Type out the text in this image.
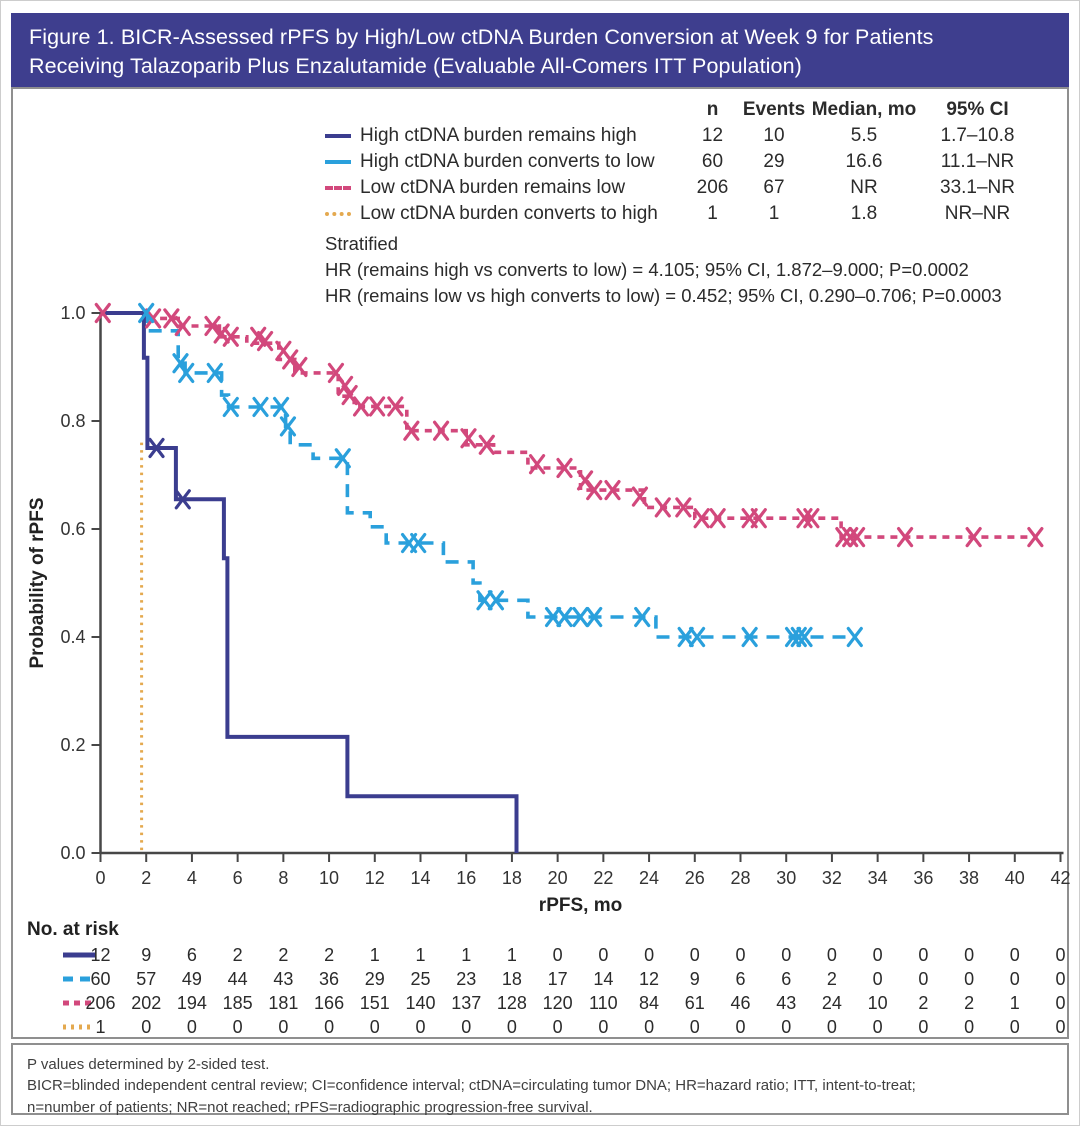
Figure 1. BICR-Assessed rPFS by High/Low ctDNA Burden Conversion at Week 9 for Patients
Receiving Talazoparib Plus Enzalutamide (Evaluable All-Comers ITT Population)
0 2 4 6 8 10 12 14 16 18 20 22 24 26 28 30 32 34 36 38 40 42
0.0
0.2
0.4
0.6
0.8
1.0
rPFS, mo
Probability of rPFS
No. at risk
12 9 6 2 2 2 1 1 1 1 0 0 0 0 0 0 0 0 0 0 0 0
60 57 49 44 43 36 29 25 23 18 17 14 12 9 6 6 2 0 0 0 0 0
206 202 194 185 181 166 151 140 137 128 120 110 84 61 46 43 24 10 2 2 1 0
1 0 0 0 0 0 0 0 0 0 0 0 0 0 0 0 0 0 0 0 0 0
n	Events Median, mo	95% CI
High ctDNA burden remains high	12	10	5.5	1.7–10.8
High ctDNA burden converts to low	60	29	16.6	11.1–NR
Low ctDNA burden remains low	206	67	NR	33.1–NR
Low ctDNA burden converts to high	1	1	1.8	NR–NR
Stratified
HR (remains high vs converts to low) = 4.105; 95% CI, 1.872–9.000; P=0.0002
HR (remains low vs high converts to low) = 0.452; 95% CI, 0.290–0.706; P=0.0003
P values determined by 2-sided test.
BICR=blinded independent central review; CI=confidence interval; ctDNA=circulating tumor DNA; HR=hazard ratio; ITT, intent-to-treat;
n=number of patients; NR=not reached; rPFS=radiographic progression-free survival.
